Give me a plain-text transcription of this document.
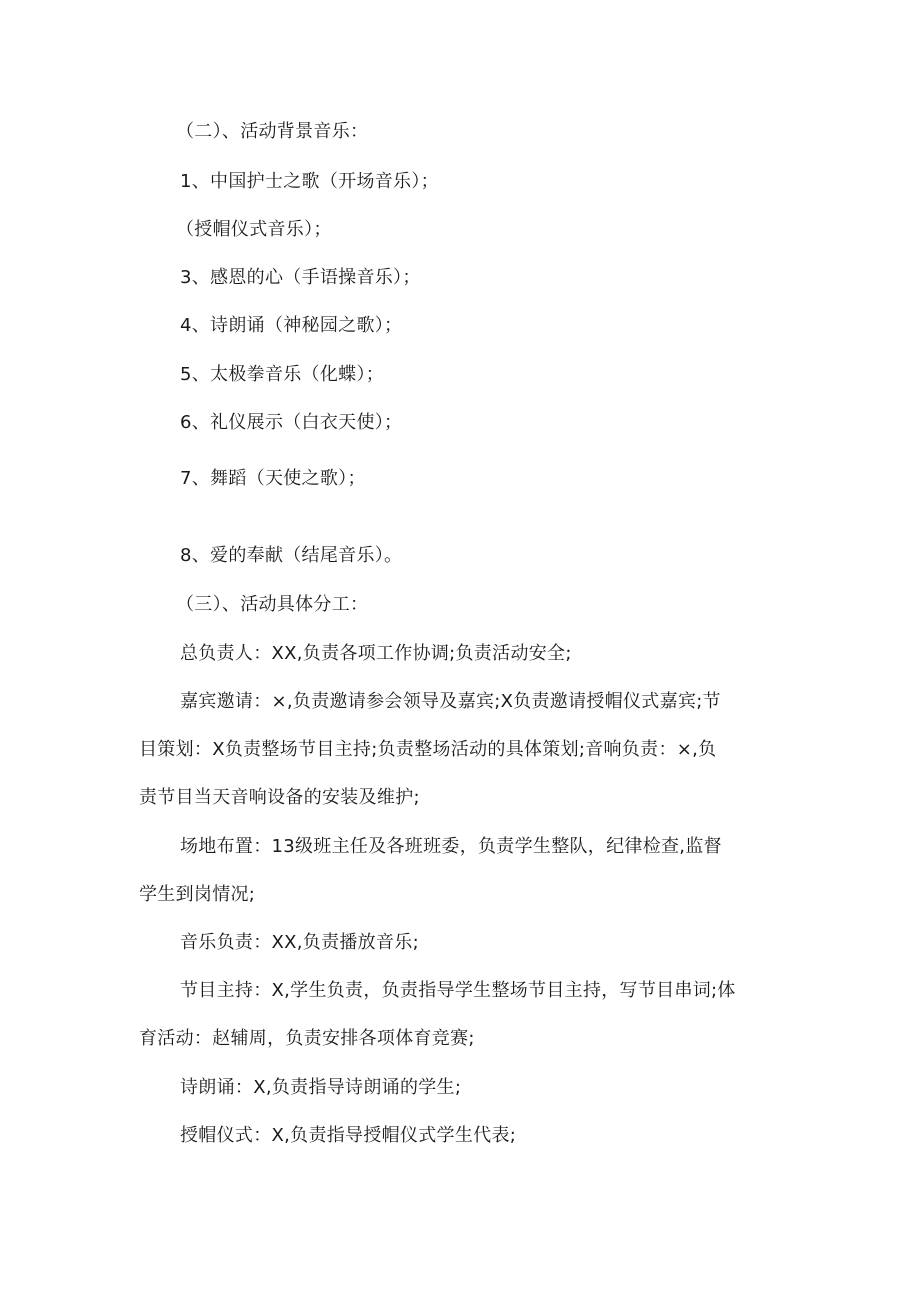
（二）、活动背景音乐：
1、中国护士之歌（开场音乐）；
（授帽仪式音乐）；
3、感恩的心（手语操音乐）；
4、诗朗诵（神秘园之歌）；
5、太极拳音乐（化蝶）；
6、礼仪展示（白衣天使）；
7、舞蹈（天使之歌）；
8、爱的奉献（结尾音乐）。
（三）、活动具体分工：
总负责人：XX,负责各项工作协调;负责活动安全;
嘉宾邀请：×,负责邀请参会领导及嘉宾;X负责邀请授帽仪式嘉宾;节
目策划：X负责整场节目主持;负责整场活动的具体策划;音响负责：×,负
责节目当天音响设备的安装及维护;
场地布置：13级班主任及各班班委，负责学生整队，纪律检查,监督
学生到岗情况;
音乐负责：XX,负责播放音乐;
节目主持：X,学生负责，负责指导学生整场节目主持，写节目串词;体
育活动：赵辅周，负责安排各项体育竞赛;
诗朗诵：X,负责指导诗朗诵的学生;
授帽仪式：X,负责指导授帽仪式学生代表;
